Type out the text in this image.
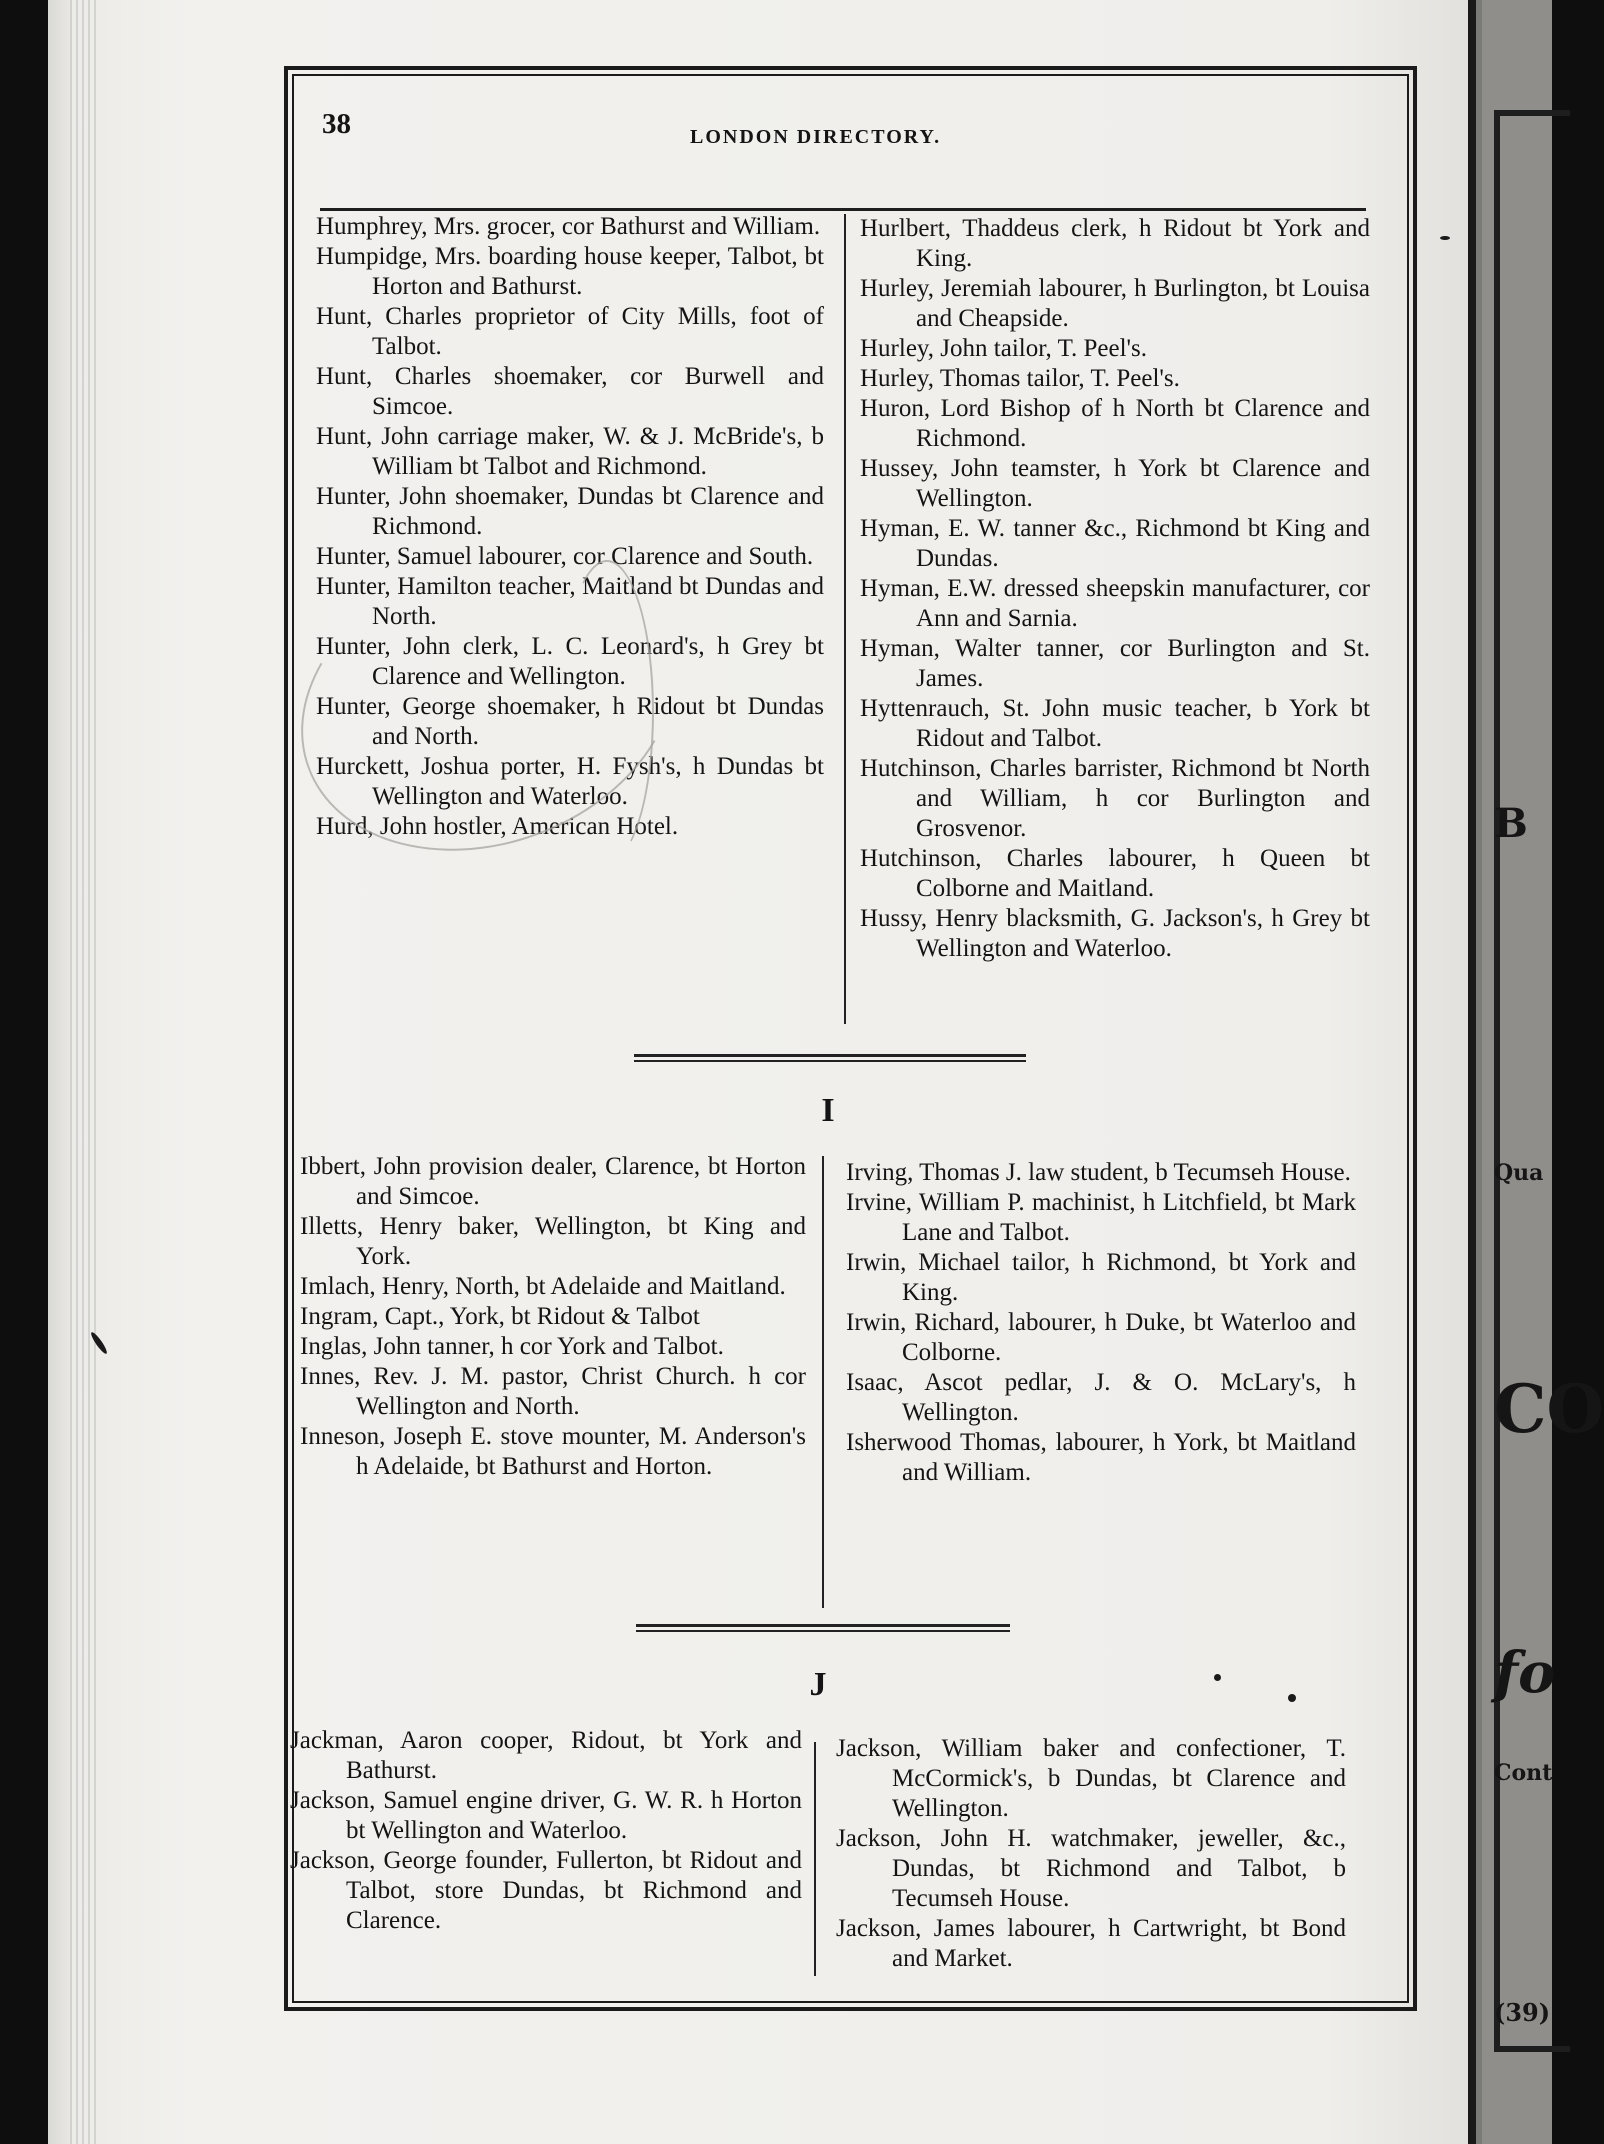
B
Qua
CO
fo
Cont
(39)
38	LONDON DIRECTORY.

Humphrey, Mrs. grocer, cor Bathurst and William.

Humpidge, Mrs. boarding house keeper, Talbot, bt Horton and Bathurst.

Hunt, Charles proprietor of City Mills, foot of Talbot.

Hunt, Charles shoemaker, cor Burwell and Simcoe.

Hunt, John carriage maker, W. & J. McBride's, b William bt Talbot and Richmond.

Hunter, John shoemaker, Dundas bt Clarence and Richmond.

Hunter, Samuel labourer, cor Clarence and South.

Hunter, Hamilton teacher, Maitland bt Dundas and North.

Hunter, John clerk, L. C. Leonard's, h Grey bt Clarence and Wellington.

Hunter, George shoemaker, h Ridout bt Dundas and North.

Hurckett, Joshua porter, H. Fysh's, h Dundas bt Wellington and Waterloo.

Hurd, John hostler, American Hotel.

Hurlbert, Thaddeus clerk, h Ridout bt York and King.

Hurley, Jeremiah labourer, h Burlington, bt Louisa and Cheapside.

Hurley, John tailor, T. Peel's.

Hurley, Thomas tailor, T. Peel's.

Huron, Lord Bishop of h North bt Clarence and Richmond.

Hussey, John teamster, h York bt Clarence and Wellington.

Hyman, E. W. tanner &c., Richmond bt King and Dundas.

Hyman, E.W. dressed sheepskin manufacturer, cor Ann and Sarnia.

Hyman, Walter tanner, cor Burlington and St. James.

Hyttenrauch, St. John music teacher, b York bt Ridout and Talbot.

Hutchinson, Charles barrister, Richmond bt North and William, h cor Burlington and Grosvenor.

Hutchinson, Charles labourer, h Queen bt Colborne and Maitland.

Hussy, Henry blacksmith, G. Jackson's, h Grey bt Wellington and Waterloo.

I

Ibbert, John provision dealer, Clarence, bt Horton and Simcoe.

Illetts, Henry baker, Wellington, bt King and York.

Imlach, Henry, North, bt Adelaide and Maitland.

Ingram, Capt., York, bt Ridout & Talbot

Inglas, John tanner, h cor York and Talbot.

Innes, Rev. J. M. pastor, Christ Church. h cor Wellington and North.

Inneson, Joseph E. stove mounter, M. Anderson's h Adelaide, bt Bathurst and Horton.

Irving, Thomas J. law student, b Tecumseh House.

Irvine, William P. machinist, h Litchfield, bt Mark Lane and Talbot.

Irwin, Michael tailor, h Richmond, bt York and King.

Irwin, Richard, labourer, h Duke, bt Waterloo and Colborne.

Isaac, Ascot pedlar, J. & O. McLary's, h Wellington.

Isherwood Thomas, labourer, h York, bt Maitland and William.

J

Jackman, Aaron cooper, Ridout, bt York and Bathurst.

Jackson, Samuel engine driver, G. W. R. h Horton bt Wellington and Waterloo.

Jackson, George founder, Fullerton, bt Ridout and Talbot, store Dundas, bt Richmond and Clarence.

Jackson, William baker and confectioner, T. McCormick's, b Dundas, bt Clarence and Wellington.

Jackson, John H. watchmaker, jeweller, &c., Dundas, bt Richmond and Talbot, b Tecumseh House.

Jackson, James labourer, h Cartwright, bt Bond and Market.
